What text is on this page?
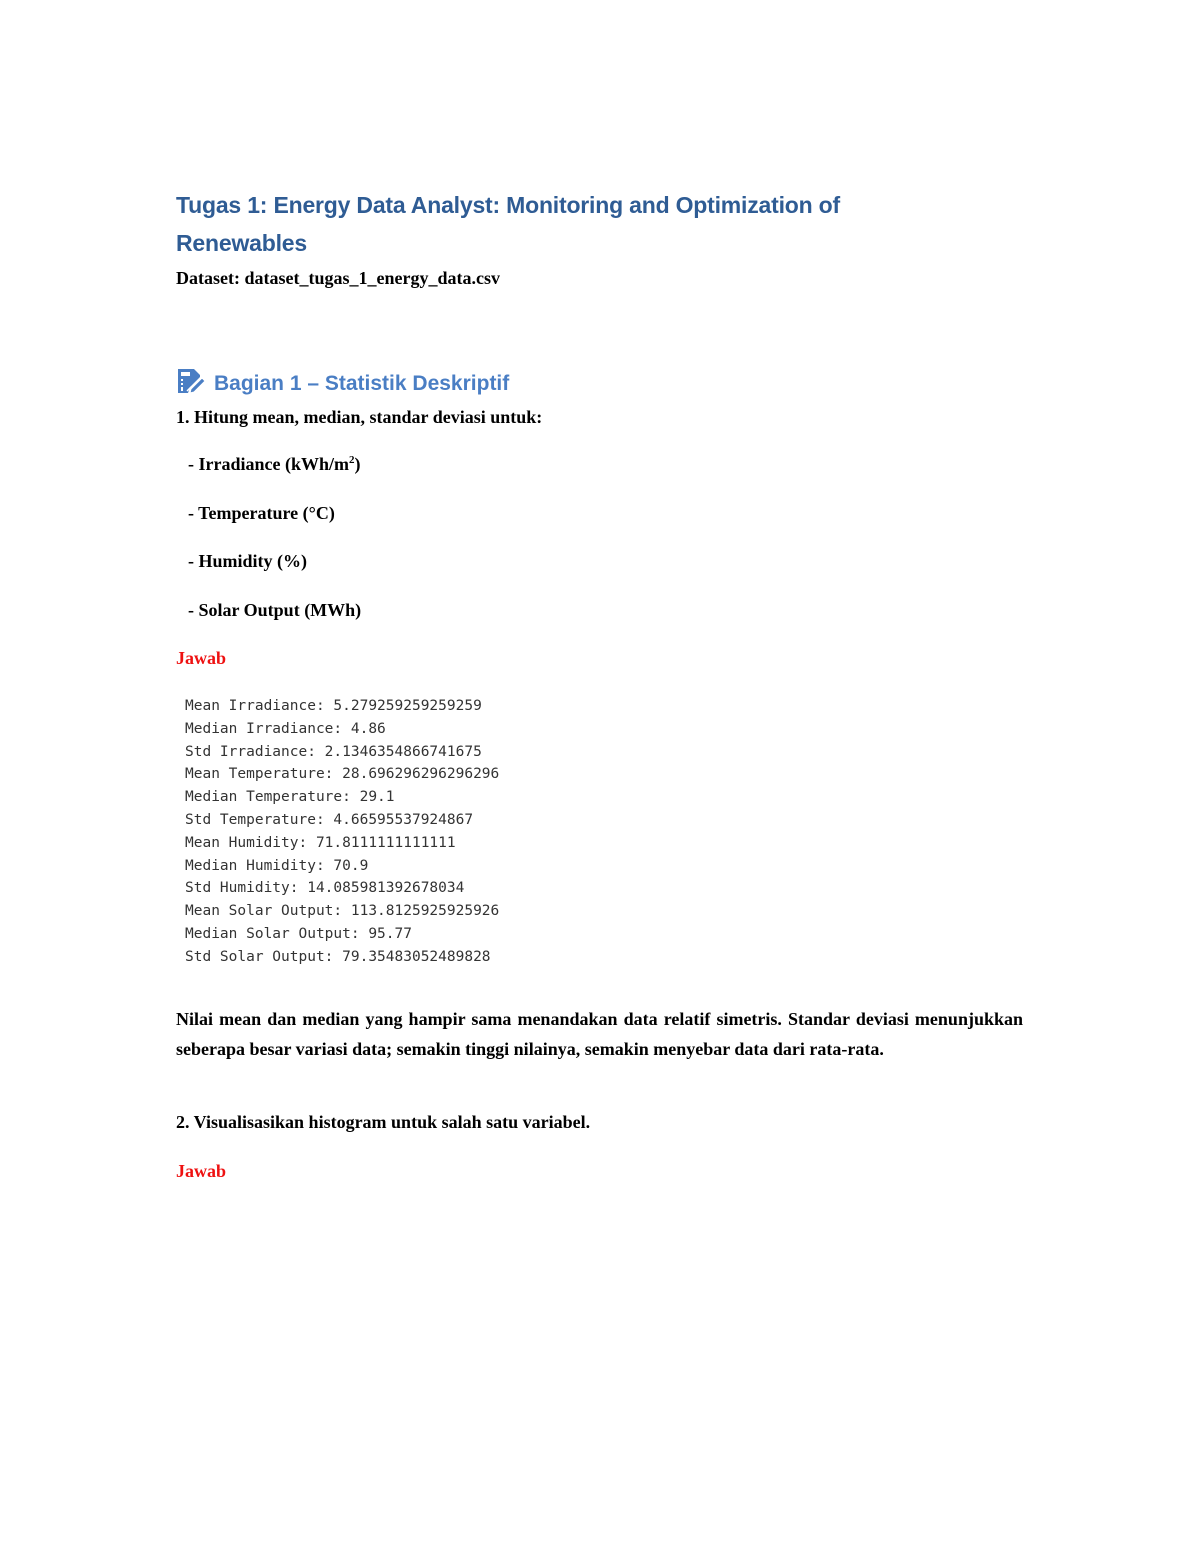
Tugas 1: Energy Data Analyst: Monitoring and Optimization of
Renewables
Dataset: dataset_tugas_1_energy_data.csv
Bagian 1 – Statistik Deskriptif
1. Hitung mean, median, standar deviasi untuk:
- Irradiance $(kWh/m^2)$
- Temperature (°C)
- Humidity (%)
- Solar Output (MWh)
Jawab
Mean Irradiance: 5.279259259259259
Median Irradiance: 4.86
Std Irradiance: 2.1346354866741675
Mean Temperature: 28.696296296296296
Median Temperature: 29.1
Std Temperature: 4.66595537924867
Mean Humidity: 71.8111111111111
Median Humidity: 70.9
Std Humidity: 14.085981392678034
Mean Solar Output: 113.8125925925926
Median Solar Output: 95.77
Std Solar Output: 79.35483052489828
Nilai mean dan median yang hampir sama menandakan data relatif simetris. Standar deviasi menunjukkan seberapa besar variasi data; semakin tinggi nilainya, semakin menyebar data dari rata-rata.
2. Visualisasikan histogram untuk salah satu variabel.
Jawab
